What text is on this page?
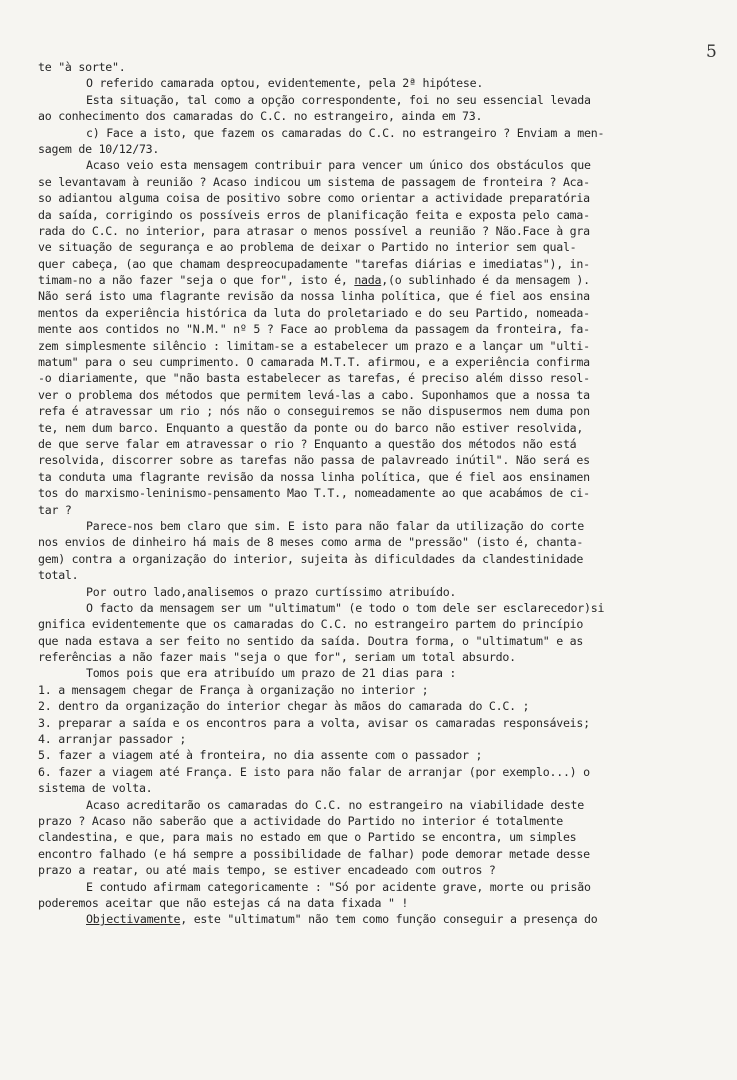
5
te "à sorte".
O referido camarada optou, evidentemente, pela 2ª hipótese.
Esta situação, tal como a opção correspondente, foi no seu essencial levada
ao conhecimento dos camaradas do C.C. no estrangeiro, ainda em 73.
c) Face a isto, que fazem os camaradas do C.C. no estrangeiro ? Enviam a men-
sagem de 10/12/73.
Acaso veio esta mensagem contribuir para vencer um único dos obstáculos que
se levantavam à reunião ? Acaso indicou um sistema de passagem de fronteira ? Aca-
so adiantou alguma coisa de positivo sobre como orientar a actividade preparatória
da saída, corrigindo os possíveis erros de planificação feita e exposta pelo cama-
rada do C.C. no interior, para atrasar o menos possível a reunião ? Não.Face à gra
ve situação de segurança e ao problema de deixar o Partido no interior sem qual-
quer cabeça, (ao que chamam despreocupadamente "tarefas diárias e imediatas"), in-
timam-no a não fazer "seja o que for", isto é, nada,(o sublinhado é da mensagem ).
Não será isto uma flagrante revisão da nossa linha política, que é fiel aos ensina
mentos da experiência histórica da luta do proletariado e do seu Partido, nomeada-
mente aos contidos no "N.M." nº 5 ? Face ao problema da passagem da fronteira, fa-
zem simplesmente silêncio : limitam-se a estabelecer um prazo e a lançar um "ulti-
matum" para o seu cumprimento. O camarada M.T.T. afirmou, e a experiência confirma
-o diariamente, que "não basta estabelecer as tarefas, é preciso além disso resol-
ver o problema dos métodos que permitem levá-las a cabo. Suponhamos que a nossa ta
refa é atravessar um rio ; nós não o conseguiremos se não dispusermos nem duma pon
te, nem dum barco. Enquanto a questão da ponte ou do barco não estiver resolvida,
de que serve falar em atravessar o rio ? Enquanto a questão dos métodos não está
resolvida, discorrer sobre as tarefas não passa de palavreado inútil". Não será es
ta conduta uma flagrante revisão da nossa linha política, que é fiel aos ensinamen
tos do marxismo-leninismo-pensamento Mao T.T., nomeadamente ao que acabámos de ci-
tar ?
Parece-nos bem claro que sim. E isto para não falar da utilização do corte
nos envios de dinheiro há mais de 8 meses como arma de "pressão" (isto é, chanta-
gem) contra a organização do interior, sujeita às dificuldades da clandestinidade
total.
Por outro lado,analisemos o prazo curtíssimo atribuído.
O facto da mensagem ser um "ultimatum" (e todo o tom dele ser esclarecedor)si
gnifica evidentemente que os camaradas do C.C. no estrangeiro partem do princípio
que nada estava a ser feito no sentido da saída. Doutra forma, o "ultimatum" e as
referências a não fazer mais "seja o que for", seriam um total absurdo.
Tomos pois que era atribuído um prazo de 21 dias para :
1. a mensagem chegar de França à organização no interior ;
2. dentro da organização do interior chegar às mãos do camarada do C.C. ;
3. preparar a saída e os encontros para a volta, avisar os camaradas responsáveis;
4. arranjar passador ;
5. fazer a viagem até à fronteira, no dia assente com o passador ;
6. fazer a viagem até França. E isto para não falar de arranjar (por exemplo...) o
sistema de volta.
Acaso acreditarão os camaradas do C.C. no estrangeiro na viabilidade deste
prazo ? Acaso não saberão que a actividade do Partido no interior é totalmente
clandestina, e que, para mais no estado em que o Partido se encontra, um simples
encontro falhado (e há sempre a possibilidade de falhar) pode demorar metade desse
prazo a reatar, ou até mais tempo, se estiver encadeado com outros ?
E contudo afirmam categoricamente : "Só por acidente grave, morte ou prisão
poderemos aceitar que não estejas cá na data fixada " !
Objectivamente, este "ultimatum" não tem como função conseguir a presença do
